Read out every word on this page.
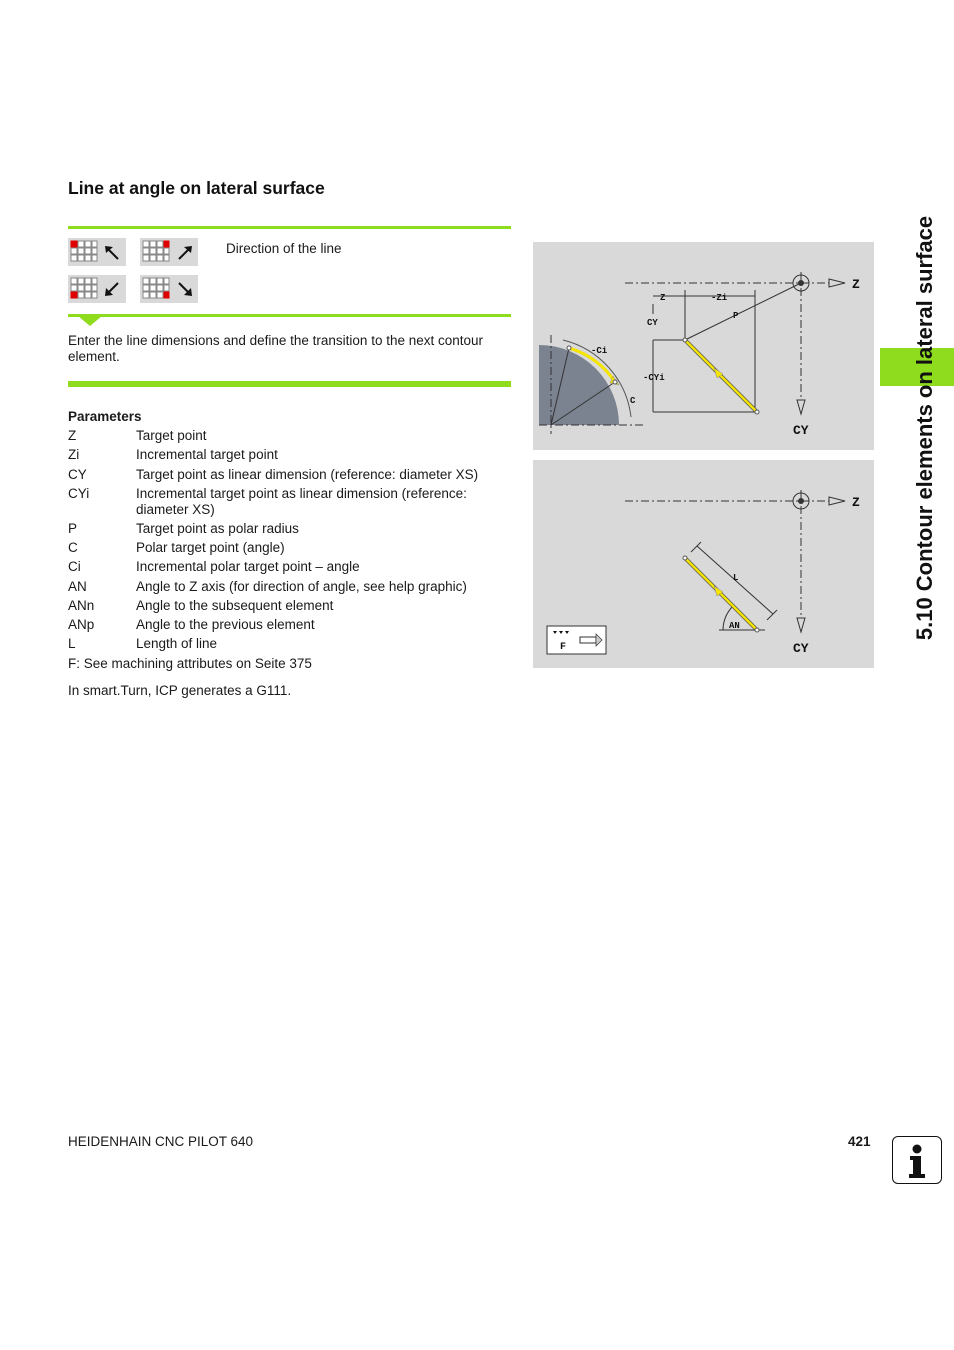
Line at angle on lateral surface
Direction of the line
Enter the line dimensions and define the transition to the next contour element.
Parameters
Z	Target point
Zi	Incremental target point
CY	Target point as linear dimension (reference: diameter XS)
CYi	Incremental target point as linear dimension (reference: diameter XS)
P	Target point as polar radius
C	Polar target point (angle)
Ci	Incremental polar target point – angle
AN	Angle to Z axis (for direction of angle, see help graphic)
ANn	Angle to the subsequent element
ANp	Angle to the previous element
L	Length of line
F: See machining attributes on Seite 375
In smart.Turn, ICP generates a G111.
Z
CY
Z	-Zi
CY
-CYi
P
-Ci
C
Z
CY
L
AN
F
5.10 Contour elements on lateral surface
HEIDENHAIN CNC PILOT 640	421
